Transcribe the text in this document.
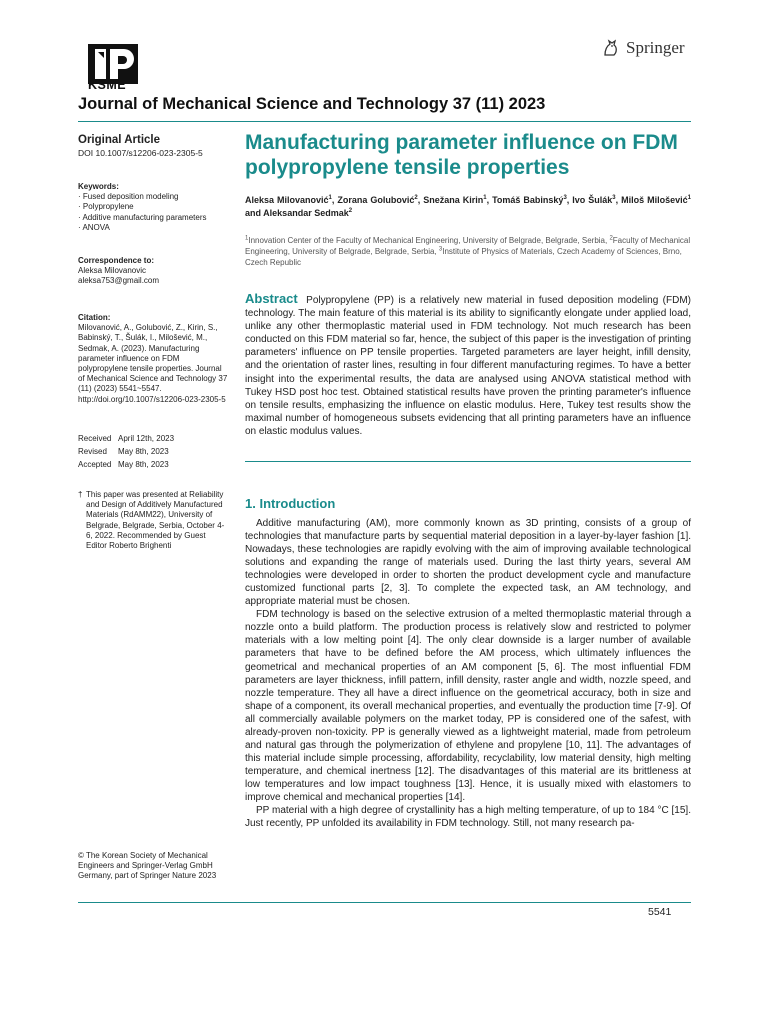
KSME
Springer
Journal of Mechanical Science and Technology 37 (11) 2023
Original Article
DOI 10.1007/s12206-023-2305-5
Keywords:
· Fused deposition modeling
· Polypropylene
· Additive manufacturing parameters
· ANOVA
Correspondence to:
Aleksa Milovanovic
aleksa753@gmail.com
Citation:
Milovanović, A., Golubović, Z., Kirin, S., Babinský, T., Šulák, I., Milošević, M., Sedmak, A. (2023). Manufacturing parameter influence on FDM polypropylene tensile properties. Journal of Mechanical Science and Technology 37 (11) (2023) 5541~5547. http://doi.org/10.1007/s12206-023-2305-5
Received April 12th, 2023
Revised	May 8th, 2023
Accepted May 8th, 2023
† This paper was presented at Reliability and Design of Additively Manufactured Materials (RdAMM22), University of Belgrade, Belgrade, Serbia, October 4-6, 2022. Recommended by Guest Editor Roberto Brighenti
© The Korean Society of Mechanical Engineers and Springer-Verlag GmbH Germany, part of Springer Nature 2023
Manufacturing parameter influence on FDM polypropylene tensile properties
Aleksa Milovanović$^1$, Zorana Golubović$^2$, Snežana Kirin$^1$, Tomáš Babinský$^3$, Ivo Šulák$^3$, Miloš Milošević$^1$ and Aleksandar Sedmak$^2$
$^1$Innovation Center of the Faculty of Mechanical Engineering, University of Belgrade, Belgrade, Serbia, $^2$Faculty of Mechanical Engineering, University of Belgrade, Belgrade, Serbia, $^3$Institute of Physics of Materials, Czech Academy of Sciences, Brno, Czech Republic
Abstract Polypropylene (PP) is a relatively new material in fused deposition modeling (FDM) technology. The main feature of this material is its ability to significantly elongate under applied load, unlike any other thermoplastic material used in FDM technology. Not much research has been conducted on this FDM material so far, hence, the subject of this paper is the investigation of printing parameters' influence on PP tensile properties. Targeted parameters are layer height, infill density, and the orientation of raster lines, resulting in four different manufacturing regimes. To have a better insight into the experimental results, the data are analysed using ANOVA statistical method with Tukey HSD post hoc test. Obtained statistical results have proven the printing parameter's influence on tensile results, emphasizing the influence on elastic modulus. Here, Tukey test results show the maximal number of homogeneous subsets evidencing that all printing parameters have an influence on elastic modulus values.
1. Introduction

Additive manufacturing (AM), more commonly known as 3D printing, consists of a group of technologies that manufacture parts by sequential material deposition in a layer-by-layer fashion [1]. Nowadays, these technologies are rapidly evolving with the aim of improving available technological solutions and expanding the range of materials used. During the last thirty years, several AM technologies were developed in order to shorten the product development cycle and manufacture customized functional parts [2, 3]. To complete the expected task, an AM technology, and appropriate material must be chosen.

FDM technology is based on the selective extrusion of a melted thermoplastic material through a nozzle onto a build platform. The production process is relatively slow and restricted to polymer materials with a low melting point [4]. The only clear downside is a larger number of available parameters that have to be defined before the AM process, which ultimately influences the geometrical and mechanical properties of an AM component [5, 6]. The most influential FDM parameters are layer thickness, infill pattern, infill density, raster angle and width, nozzle speed, and nozzle temperature. They all have a direct influence on the geometrical accuracy, both in size and shape of a component, its overall mechanical properties, and eventually the production time [7-9]. Of all commercially available polymers on the market today, PP is considered one of the safest, with already-proven non-toxicity. PP is generally viewed as a lightweight material, made from petroleum and natural gas through the polymerization of ethylene and propylene [10, 11]. The advantages of this material include simple processing, affordability, recyclability, low material density, high melting temperature, and chemical inertness [12]. The disadvantages of this material are its brittleness at low temperatures and low impact toughness [13]. Hence, it is usually mixed with elastomers to improve chemical and mechanical properties [14].

PP material with a high degree of crystallinity has a high melting temperature, of up to 184 °C [15]. Just recently, PP unfolded its availability in FDM technology. Still, not many research pa-

5541
